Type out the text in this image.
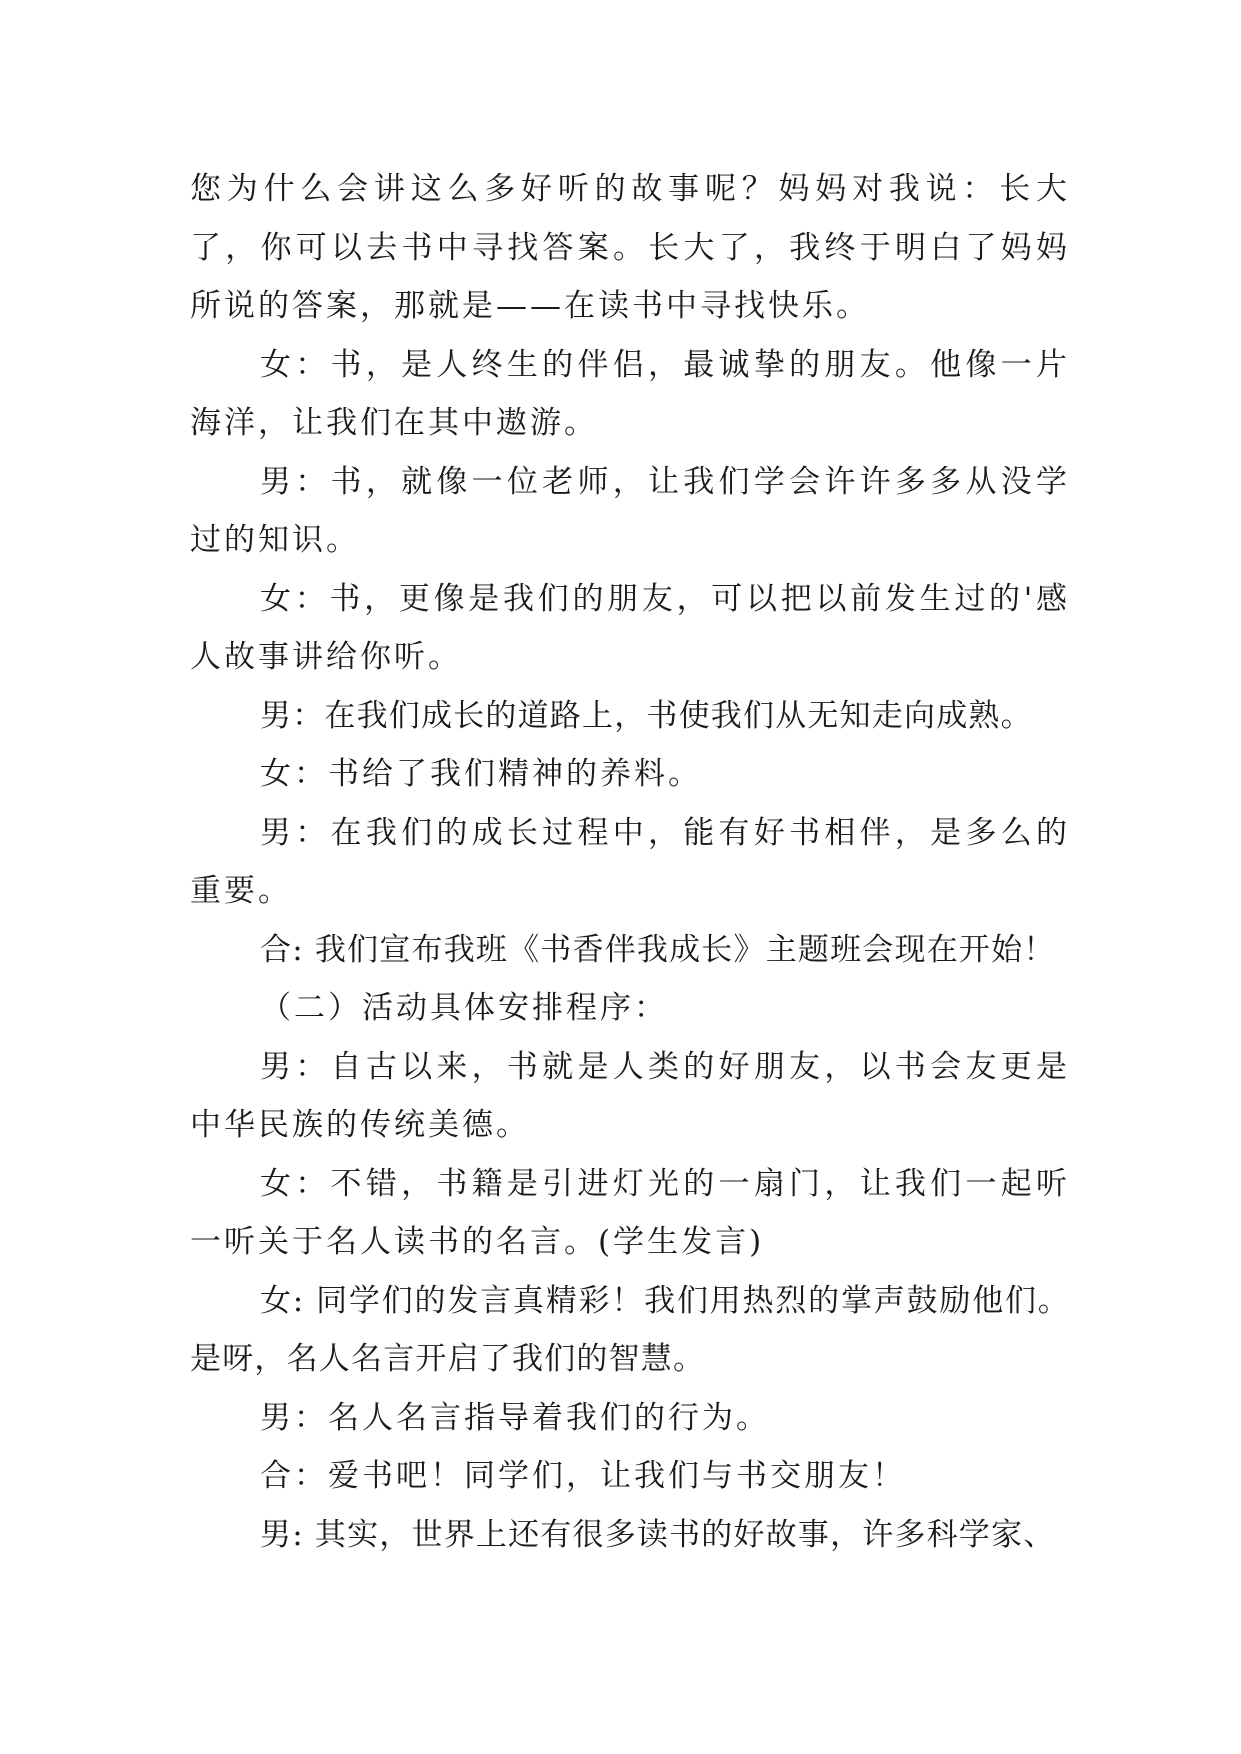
您为什么会讲这么多好听的故事呢？妈妈对我说：长大了，你可以去书中寻找答案。长大了，我终于明白了妈妈所说的答案，那就是——在读书中寻找快乐。

女：书，是人终生的伴侣，最诚挚的朋友。他像一片海洋，让我们在其中遨游。

男：书，就像一位老师，让我们学会许许多多从没学过的知识。

女：书，更像是我们的朋友，可以把以前发生过的'感人故事讲给你听。

男：在我们成长的道路上，书使我们从无知走向成熟。

女：书给了我们精神的养料。

男：在我们的成长过程中，能有好书相伴，是多么的重要。

合: 我们宣布我班《书香伴我成长》主题班会现在开始！

（二）活动具体安排程序：

男：自古以来，书就是人类的好朋友，以书会友更是中华民族的传统美德。

女：不错，书籍是引进灯光的一扇门，让我们一起听一听关于名人读书的名言。(学生发言)

女: 同学们的发言真精彩！我们用热烈的掌声鼓励他们。是呀，名人名言开启了我们的智慧。

男：名人名言指导着我们的行为。

合：爱书吧！同学们，让我们与书交朋友！

男: 其实，世界上还有很多读书的好故事，许多科学家、
